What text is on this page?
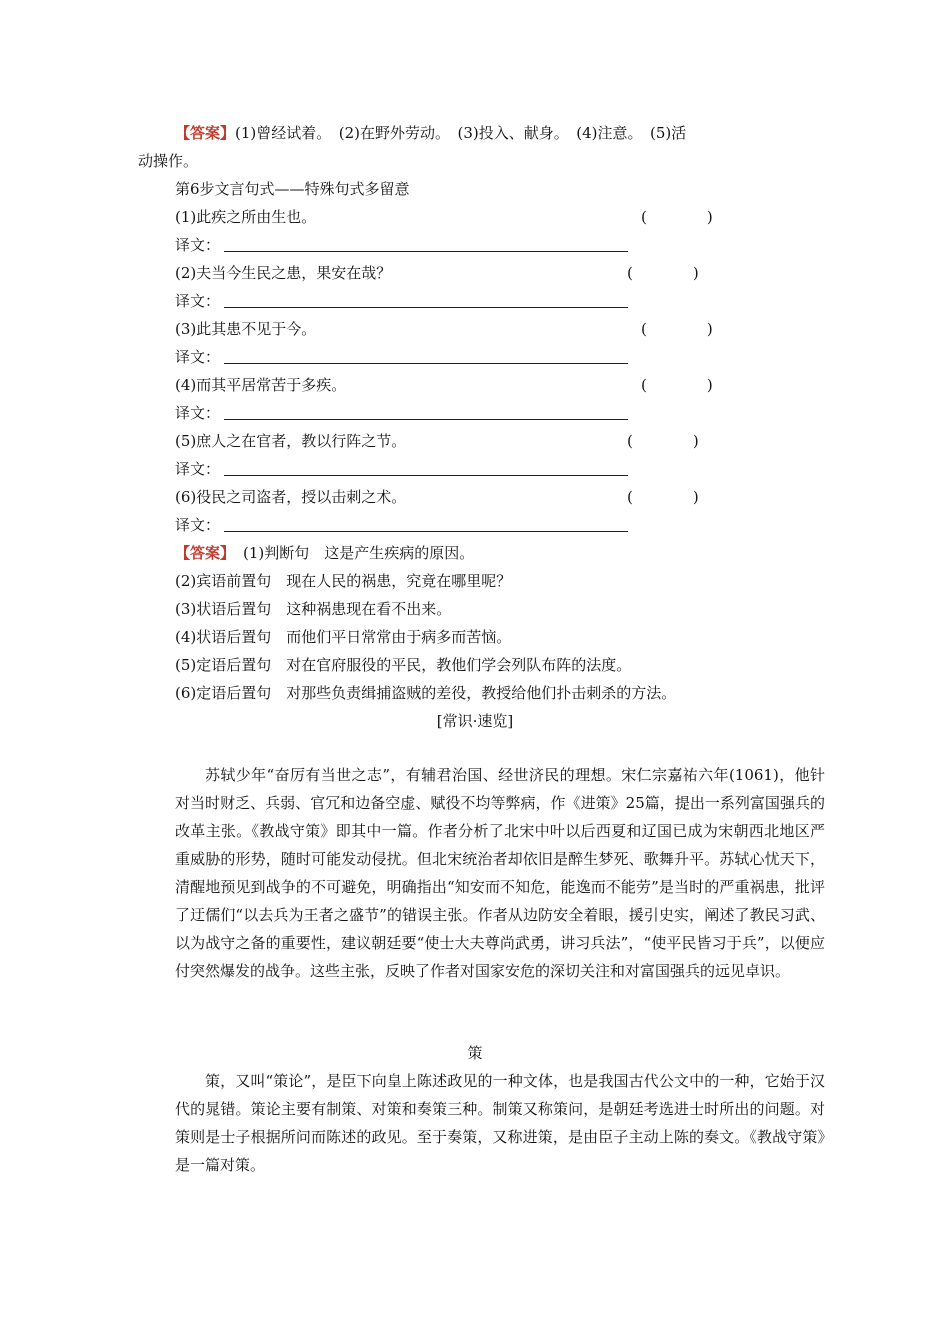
【答案】(1)曾经试着。　(2)在野外劳动。　(3)投入、献身。　(4)注意。　(5)活
动操作。
第6步文言句式——特殊句式多留意
(1)此疾之所由生也。	(　　　　)
译文：
(2)夫当今生民之患，果安在哉？	(　　　　)
译文：
(3)此其患不见于今。	(　　　　)
译文：
(4)而其平居常苦于多疾。	(　　　　)
译文：
(5)庶人之在官者，教以行阵之节。	(　　　　)
译文：
(6)役民之司盗者，授以击刺之术。	(　　　　)
译文：
【答案】 (1)判断句　这是产生疾病的原因。
(2)宾语前置句　现在人民的祸患，究竟在哪里呢？
(3)状语后置句　这种祸患现在看不出来。
(4)状语后置句　而他们平日常常由于病多而苦恼。
(5)定语后置句　对在官府服役的平民，教他们学会列队布阵的法度。
(6)定语后置句　对那些负责缉捕盗贼的差役，教授给他们扑击刺杀的方法。
[常识·速览]

苏轼少年“奋厉有当世之志”，有辅君治国、经世济民的理想。宋仁宗嘉祐六年(1061)，他针对当时财乏、兵弱、官冗和边备空虚、赋役不均等弊病，作《进策》25篇，提出一系列富国强兵的改革主张。《教战守策》即其中一篇。作者分析了北宋中叶以后西夏和辽国已成为宋朝西北地区严重威胁的形势，随时可能发动侵扰。但北宋统治者却依旧是醉生梦死、歌舞升平。苏轼心忧天下，清醒地预见到战争的不可避免，明确指出“知安而不知危，能逸而不能劳”是当时的严重祸患，批评了迂儒们“以去兵为王者之盛节”的错误主张。作者从边防安全着眼，援引史实，阐述了教民习武、以为战守之备的重要性，建议朝廷要“使士大夫尊尚武勇，讲习兵法”，“使平民皆习于兵”，以便应付突然爆发的战争。这些主张，反映了作者对国家安危的深切关注和对富国强兵的远见卓识。

策

策，又叫“策论”，是臣下向皇上陈述政见的一种文体，也是我国古代公文中的一种，它始于汉代的晁错。策论主要有制策、对策和奏策三种。制策又称策问，是朝廷考选进士时所出的问题。对策则是士子根据所问而陈述的政见。至于奏策，又称进策，是由臣子主动上陈的奏文。《教战守策》是一篇对策。
